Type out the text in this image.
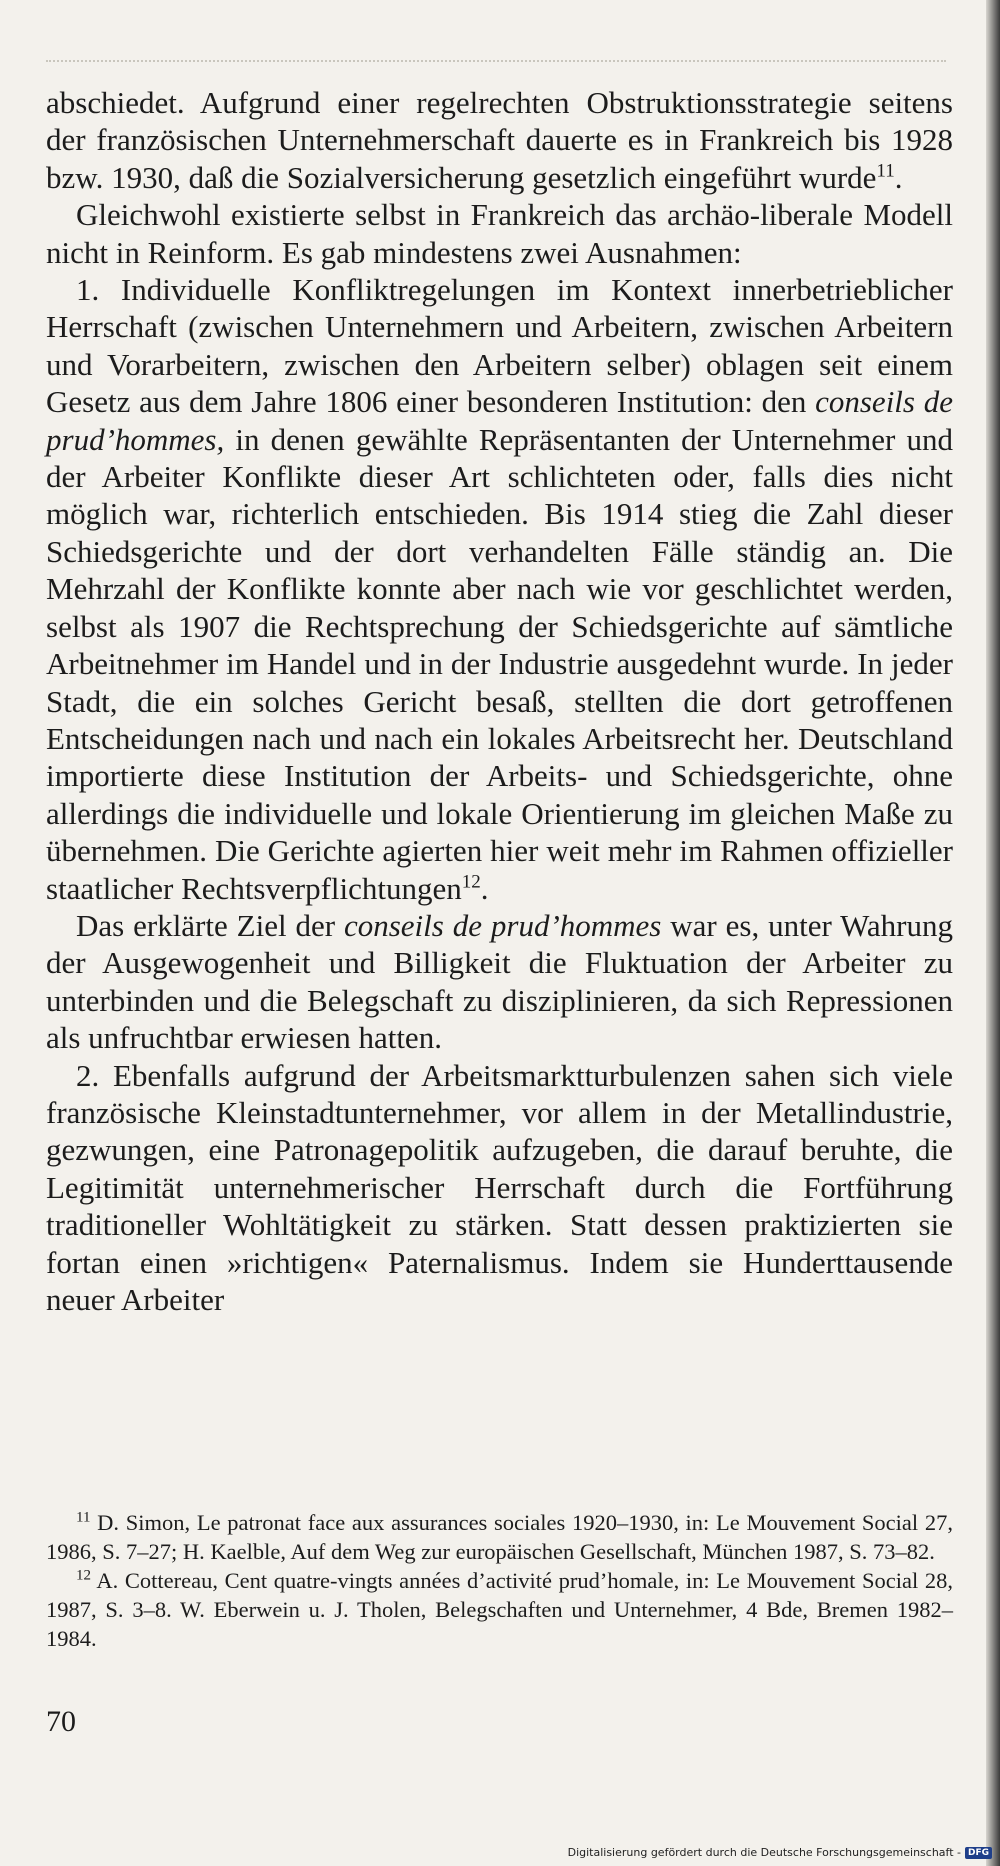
abschiedet. Aufgrund einer regelrechten Obstruktionsstrategie seitens der französischen Unternehmerschaft dauerte es in Frankreich bis 1928 bzw. 1930, daß die Sozialversicherung gesetzlich eingeführt wurde$^{11}$.

Gleichwohl existierte selbst in Frankreich das archäo-liberale Modell nicht in Reinform. Es gab mindestens zwei Ausnahmen:

1. Individuelle Konfliktregelungen im Kontext innerbetrieblicher Herrschaft (zwischen Unternehmern und Arbeitern, zwischen Arbeitern und Vorarbeitern, zwischen den Arbeitern selber) oblagen seit einem Gesetz aus dem Jahre 1806 einer besonderen Institution: den conseils de prud’hommes, in denen gewählte Repräsentanten der Unternehmer und der Arbeiter Konflikte dieser Art schlichteten oder, falls dies nicht möglich war, richterlich entschieden. Bis 1914 stieg die Zahl dieser Schiedsgerichte und der dort verhandelten Fälle ständig an. Die Mehrzahl der Konflikte konnte aber nach wie vor geschlichtet werden, selbst als 1907 die Rechtsprechung der Schiedsgerichte auf sämtliche Arbeitnehmer im Handel und in der Industrie ausgedehnt wurde. In jeder Stadt, die ein solches Gericht besaß, stellten die dort getroffenen Entscheidungen nach und nach ein lokales Arbeitsrecht her. Deutschland importierte diese Institution der Arbeits- und Schiedsgerichte, ohne allerdings die individuelle und lokale Orientierung im gleichen Maße zu übernehmen. Die Gerichte agierten hier weit mehr im Rahmen offizieller staatlicher Rechtsverpflichtungen$^{12}$.

Das erklärte Ziel der conseils de prud’hommes war es, unter Wahrung der Ausgewogenheit und Billigkeit die Fluktuation der Arbeiter zu unterbinden und die Belegschaft zu disziplinieren, da sich Repressionen als unfruchtbar erwiesen hatten.

2. Ebenfalls aufgrund der Arbeitsmarktturbulenzen sahen sich viele französische Kleinstadtunternehmer, vor allem in der Metallindustrie, gezwungen, eine Patronagepolitik aufzugeben, die darauf beruhte, die Legitimität unternehmerischer Herrschaft durch die Fortführung traditioneller Wohltätigkeit zu stärken. Statt dessen praktizierten sie fortan einen »richtigen« Paternalismus. Indem sie Hunderttausende neuer Arbeiter

$^{11}$ D. Simon, Le patronat face aux assurances sociales 1920–1930, in: Le Mouvement Social 27, 1986, S. 7–27; H. Kaelble, Auf dem Weg zur europäischen Gesellschaft, München 1987, S. 73–82.

$^{12}$ A. Cottereau, Cent quatre-vingts années d’activité prud’homale, in: Le Mouvement Social 28, 1987, S. 3–8. W. Eberwein u. J. Tholen, Belegschaften und Unternehmer, 4 Bde, Bremen 1982–1984.

70
Digitalisierung gefördert durch die Deutsche Forschungsgemeinschaft - DFG
